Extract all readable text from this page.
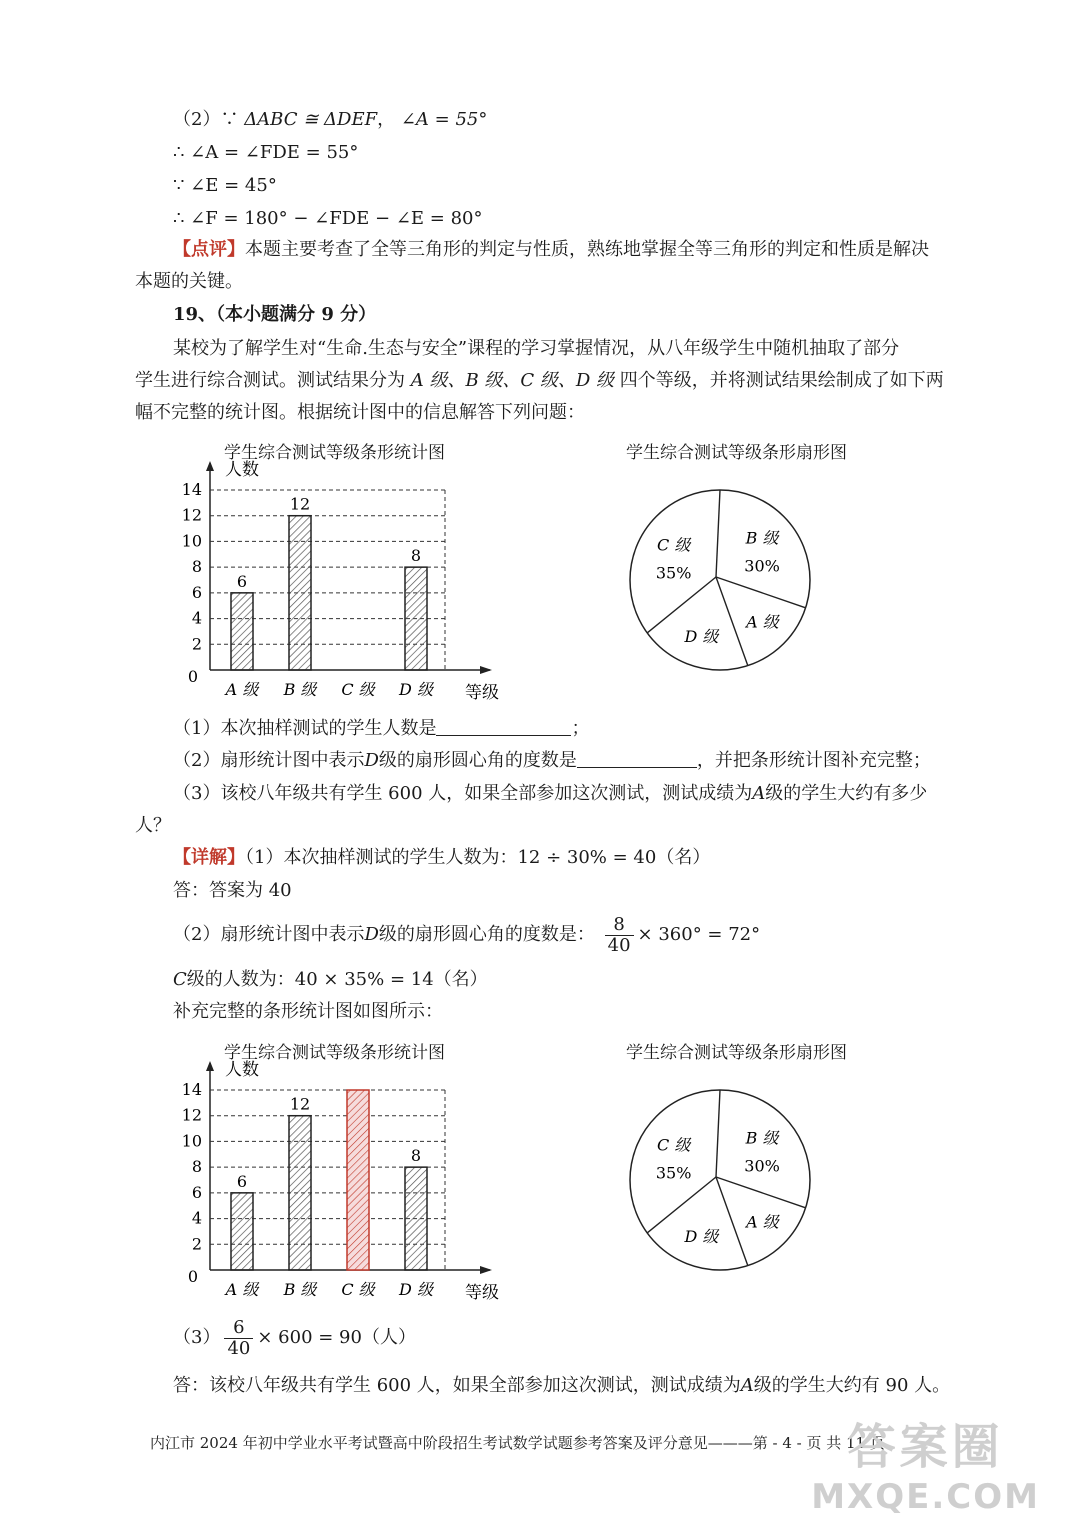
（2）∵ ΔABC ≅ ΔDEF， ∠A = 55°
∴ ∠A = ∠FDE = 55°
∵ ∠E = 45°
∴ ∠F = 180° − ∠FDE − ∠E = 80°
【点评】本题主要考查了全等三角形的判定与性质，熟练地掌握全等三角形的判定和性质是解决
本题的关键。
19、（本小题满分 9 分）
某校为了解学生对“生命.生态与安全”课程的学习掌握情况，从八年级学生中随机抽取了部分
学生进行综合测试。测试结果分为 A 级、B 级、C 级、D 级 四个等级，并将测试结果绘制成了如下两
幅不完整的统计图。根据统计图中的信息解答下列问题：
学生综合测试等级条形统计图
人数
2
4
6
8
10
12
14
0
6
A 级
12
B 级 C 级
8
D 级 等级
学生综合测试等级条形扇形图
B 级
30%
A 级
D 级
C 级
35%
（1）本次抽样测试的学生人数是	；
（2）扇形统计图中表示D级的扇形圆心角的度数是	，并把条形统计图补充完整；
（3）该校八年级共有学生 600 人，如果全部参加这次测试，测试成绩为A级的学生大约有多少
人？
【详解】（1）本次抽样测试的学生人数为：12 ÷ 30% = 40（名）
答：答案为 40
（2）扇形统计图中表示D级的扇形圆心角的度数是： $\frac{8}{40} \times 360^\circ = 72^\circ$
C级的人数为：40 × 35% = 14（名）
补充完整的条形统计图如图所示：
学生综合测试等级条形统计图
人数
2
4
6
8
10
12
14
0
6
A 级
12
B 级 C 级
8
D 级 等级
学生综合测试等级条形扇形图
B 级
30%
A 级
D 级
C 级
35%
$(3) \frac{6}{40} \times 600 = 90$（人）
答：该校八年级共有学生 600 人，如果全部参加这次测试，测试成绩为A级的学生大约有 90 人。
内江市 2024 年初中学业水平考试暨高中阶段招生考试数学试题参考答案及评分意见———第 - 4 - 页 共 11 页
答案圈
MXQE.COM
